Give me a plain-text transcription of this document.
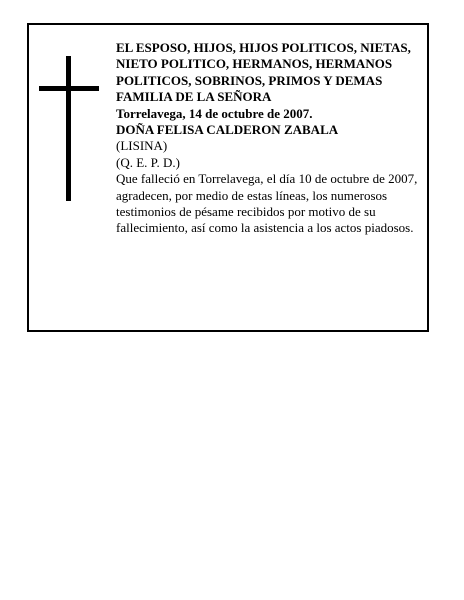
EL ESPOSO, HIJOS, HIJOS POLITICOS, NIETAS, NIETO POLITICO, HERMANOS, HERMANOS POLITICOS, SOBRINOS, PRIMOS Y DEMAS FAMILIA DE LA SEÑORA

Torrelavega, 14 de octubre de 2007.

DOÑA FELISA CALDERON ZABALA

(LISINA)

(Q. E. P. D.)

Que falleció en Torrelavega, el día 10 de octubre de 2007,

agradecen, por medio de estas líneas, los numerosos testimonios de pésame recibidos por motivo de su fallecimiento, así como la asistencia a los actos piadosos.
